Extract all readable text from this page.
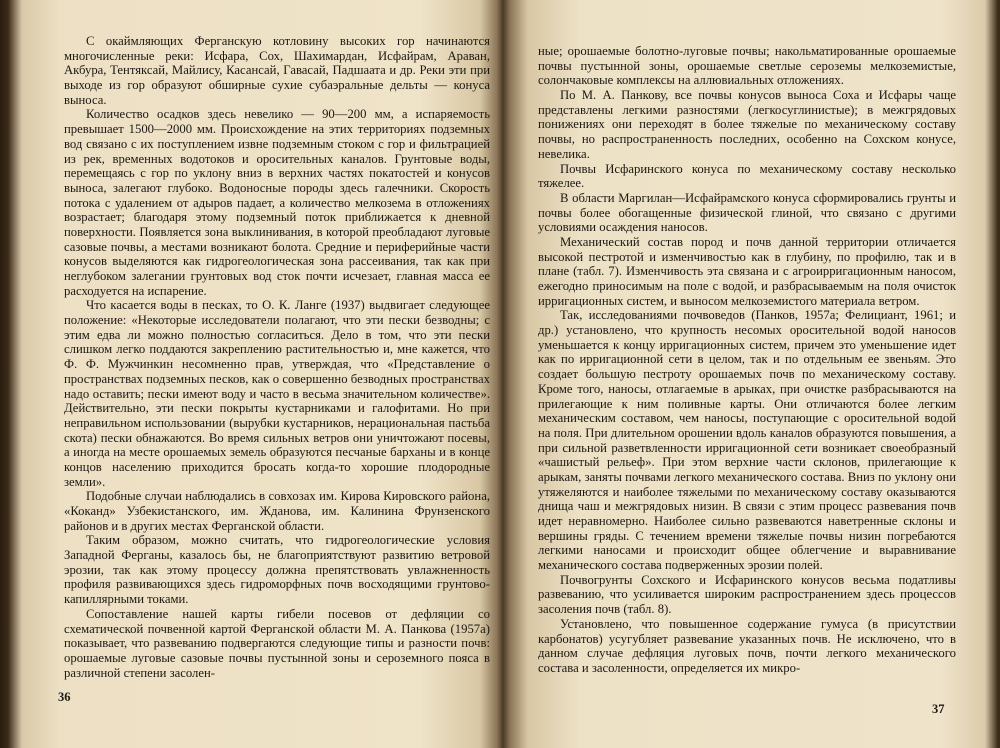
С окаймляющих Ферганскую котловину высоких гор начинаются многочисленные реки: Исфара, Сох, Шахимардан, Исфайрам, Араван, Акбура, Тентяксай, Майлису, Касансай, Гавасай, Падшаата и др. Реки эти при выходе из гор образуют обширные сухие субаэральные дельты — конуса выноса.

Количество осадков здесь невелико — 90—200 мм, а испаряемость превышает 1500—2000 мм. Происхождение на этих территориях подземных вод связано с их поступлением извне подземным стоком с гор и фильтрацией из рек, временных водотоков и оросительных каналов. Грунтовые воды, перемещаясь с гор по уклону вниз в верхних частях покатостей и конусов выноса, залегают глубоко. Водоносные породы здесь галечники. Скорость потока с удалением от адыров падает, а количество мелкозема в отложениях возрастает; благодаря этому подземный поток приближается к дневной поверхности. Появляется зона выклинивания, в которой преобладают луговые сазовые почвы, а местами возникают болота. Средние и периферийные части конусов выделяются как гидрогеологическая зона рассеивания, так как при неглубоком залегании грунтовых вод сток почти исчезает, главная масса ее расходуется на испарение.

Что касается воды в песках, то О. К. Ланге (1937) выдвигает следующее положение: «Некоторые исследователи полагают, что эти пески безводны; с этим едва ли можно полностью согласиться. Дело в том, что эти пески слишком легко поддаются закреплению растительностью и, мне кажется, что Ф. Ф. Мужчинкин несомненно прав, утверждая, что «Представление о пространствах подземных песков, как о совершенно безводных пространствах надо оставить; пески имеют воду и часто в весьма значительном количестве». Действительно, эти пески покрыты кустарниками и галофитами. Но при неправильном использовании (вырубки кустарников, нерациональная пастьба скота) пески обнажаются. Во время сильных ветров они уничтожают посевы, а иногда на месте орошаемых земель образуются песчаные барханы и в конце концов населению приходится бросать когда-то хорошие плодородные земли».

Подобные случаи наблюдались в совхозах им. Кирова Кировского района, «Коканд» Узбекистанского, им. Жданова, им. Калинина Фрунзенского районов и в других местах Ферганской области.

Таким образом, можно считать, что гидрогеологические условия Западной Ферганы, казалось бы, не благоприятствуют развитию ветровой эрозии, так как этому процессу должна препятствовать увлажненность профиля развивающихся здесь гидроморфных почв восходящими грунтово-капиллярными токами.

Сопоставление нашей карты гибели посевов от дефляции со схематической почвенной картой Ферганской области М. А. Панкова (1957а) показывает, что развеванию подвергаются следующие типы и разности почв: орошаемые луговые сазовые почвы пустынной зоны и сероземного пояса в различной степени засолен-

36

ные; орошаемые болотно-луговые почвы; накольматированные орошаемые почвы пустынной зоны, орошаемые светлые сероземы мелкоземистые, солончаковые комплексы на аллювиальных отложениях.

По М. А. Панкову, все почвы конусов выноса Соха и Исфары чаще представлены легкими разностями (легкосуглинистые); в межгрядовых понижениях они переходят в более тяжелые по механическому составу почвы, но распространенность последних, особенно на Сохском конусе, невелика.

Почвы Исфаринского конуса по механическому составу несколько тяжелее.

В области Маргилан—Исфайрамского конуса сформировались грунты и почвы более обогащенные физической глиной, что связано с другими условиями осаждения наносов.

Механический состав пород и почв данной территории отличается высокой пестротой и изменчивостью как в глубину, по профилю, так и в плане (табл. 7). Изменчивость эта связана и с агроирригационным наносом, ежегодно приносимым на поле с водой, и разбрасываемым на поля очисток ирригационных систем, и выносом мелкоземистого материала ветром.

Так, исследованиями почвоведов (Панков, 1957а; Фелициант, 1961; и др.) установлено, что крупность несомых оросительной водой наносов уменьшается к концу ирригационных систем, причем это уменьшение идет как по ирригационной сети в целом, так и по отдельным ее звеньям. Это создает большую пестроту орошаемых почв по механическому составу. Кроме того, наносы, отлагаемые в арыках, при очистке разбрасываются на прилегающие к ним поливные карты. Они отличаются более легким механическим составом, чем наносы, поступающие с оросительной водой на поля. При длительном орошении вдоль каналов образуются повышения, а при сильной разветвленности ирригационной сети возникает своеобразный «чашистый рельеф». При этом верхние части склонов, прилегающие к арыкам, заняты почвами легкого механического состава. Вниз по уклону они утяжеляются и наиболее тяжелыми по механическому составу оказываются днища чаш и межгрядовых низин. В связи с этим процесс развевания почв идет неравномерно. Наиболее сильно развеваются наветренные склоны и вершины гряды. С течением времени тяжелые почвы низин погребаются легкими наносами и происходит общее облегчение и выравнивание механического состава подверженных эрозии полей.

Почвогрунты Сохского и Исфаринского конусов весьма податливы развеванию, что усиливается широким распространением здесь процессов засоления почв (табл. 8).

Установлено, что повышенное содержание гумуса (в присутствии карбонатов) усугубляет развевание указанных почв. Не исключено, что в данном случае дефляция луговых почв, почти легкого механического состава и засоленности, определяется их микро-

37
